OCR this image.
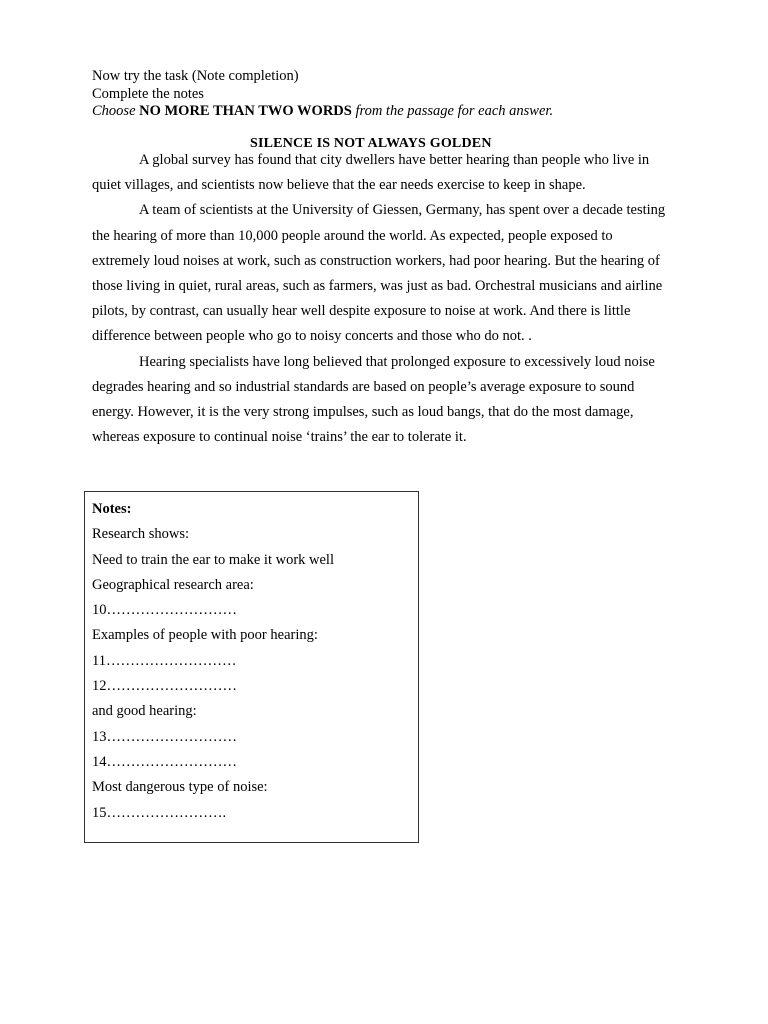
Now try the task (Note completion)
Complete the notes
Choose NO MORE THAN TWO WORDS from the passage for each answer.
SILENCE IS NOT ALWAYS GOLDEN

A global survey has found that city dwellers have better hearing than people who live in quiet villages, and scientists now believe that the ear needs exercise to keep in shape.

A team of scientists at the University of Giessen, Germany, has spent over a decade testing the hearing of more than 10,000 people around the world. As expected, people exposed to extremely loud noises at work, such as construction workers, had poor hearing. But the hearing of those living in quiet, rural areas, such as farmers, was just as bad. Orchestral musicians and airline pilots, by contrast, can usually hear well despite exposure to noise at work. And there is little difference between people who go to noisy concerts and those who do not. .

Hearing specialists have long believed that prolonged exposure to excessively loud noise degrades hearing and so industrial standards are based on people’s average exposure to sound energy. However, it is the very strong impulses, such as loud bangs, that do the most damage, whereas exposure to continual noise ‘trains’ the ear to tolerate it.

Notes:
Research shows:
Need to train the ear to make it work well
Geographical research area:
10………………………
Examples of people with poor hearing:
11………………………
12………………………
and good hearing:
13………………………
14………………………
Most dangerous type of noise:
15…………………….
